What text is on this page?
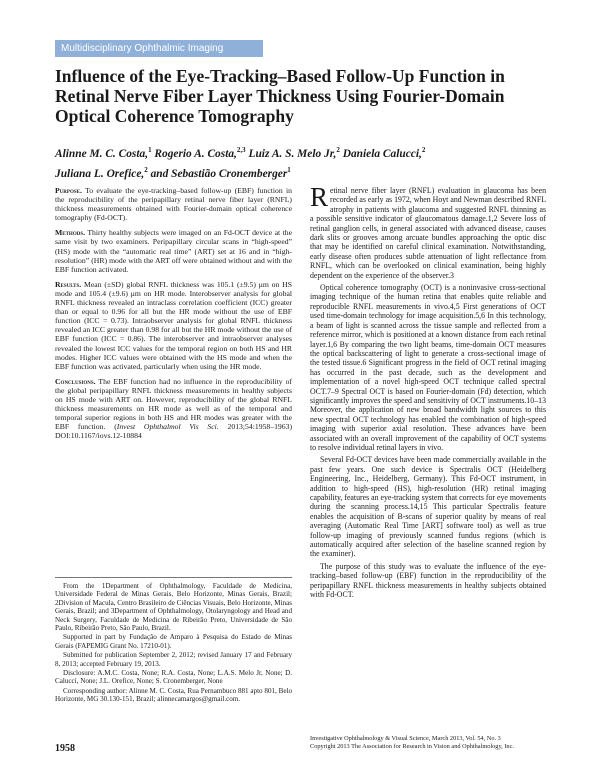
Multidisciplinary Ophthalmic Imaging
Influence of the Eye-Tracking–Based Follow-Up Function in Retinal Nerve Fiber Layer Thickness Using Fourier-Domain Optical Coherence Tomography
Alinne M. C. Costa,$^1$ Rogerio A. Costa,$^{2,3}$ Luiz A. S. Melo Jr,$^2$ Daniela Calucci,$^2$
Juliana L. Orefice,$^2$ and Sebastião Cronemberger$^1$

Purpose. To evaluate the eye-tracking–based follow-up (EBF) function in the reproducibility of the peripapillary retinal nerve fiber layer (RNFL) thickness measurements obtained with Fourier-domain optical coherence tomography (Fd-OCT).

Methods. Thirty healthy subjects were imaged on an Fd-OCT device at the same visit by two examiners. Peripapillary circular scans in “high-speed” (HS) mode with the “automatic real time” (ART) set at 16 and in “high-resolution” (HR) mode with the ART off were obtained without and with the EBF function activated.

Results. Mean (±SD) global RNFL thickness was 105.1 (±9.5) μm on HS mode and 105.4 (±9.6) μm on HR mode. Interobserver analysis for global RNFL thickness revealed an intraclass correlation coefficient (ICC) greater than or equal to 0.96 for all but the HR mode without the use of EBF function (ICC = 0.73). Intraobserver analysis for global RNFL thickness revealed an ICC greater than 0.98 for all but the HR mode without the use of EBF function (ICC = 0.86). The interobserver and intraobserver analyses revealed the lowest ICC values for the temporal region on both HS and HR modes. Higher ICC values were obtained with the HS mode and when the EBF function was activated, particularly when using the HR mode.

Conclusions. The EBF function had no influence in the reproducibility of the global peripapillary RNFL thickness measurements in healthy subjects on HS mode with ART on. However, reproducibility of the global RNFL thickness measurements on HR mode as well as of the temporal and temporal superior regions in both HS and HR modes was greater with the EBF function. (Invest Ophthalmol Vis Sci. 2013;54:1958–1963) DOI:10.1167/iovs.12-10884

From the 1Department of Ophthalmology, Faculdade de Medicina, Universidade Federal de Minas Gerais, Belo Horizonte, Minas Gerais, Brazil; 2Division of Macula, Centro Brasileiro de Ciências Visuais, Belo Horizonte, Minas Gerais, Brazil; and 3Department of Ophthalmology, Otolaryngology and Head and Neck Surgery, Faculdade de Medicina de Ribeirão Preto, Universidade de São Paulo, Ribeirão Preto, São Paulo, Brazil.

Supported in part by Fundação de Amparo à Pesquisa do Estado de Minas Gerais (FAPEMIG Grant No. 17210-01).

Submitted for publication September 2, 2012; revised January 17 and February 8, 2013; accepted February 19, 2013.

Disclosure: A.M.C. Costa, None; R.A. Costa, None; L.A.S. Melo Jr, None; D. Calucci, None; J.L. Orefice, None; S. Cronemberger, None

Corresponding author: Alinne M. C. Costa, Rua Pernambuco 881 apto 801, Belo Horizonte, MG 30.130-151, Brazil; alinnecamargos@gmail.com.

Retinal nerve fiber layer (RNFL) evaluation in glaucoma has been recorded as early as 1972, when Hoyt and Newman described RNFL atrophy in patients with glaucoma and suggested RNFL thinning as a possible sensitive indicator of glaucomatous damage.1,2 Severe loss of retinal ganglion cells, in general associated with advanced disease, causes dark slits or grooves among arcuate bundles approaching the optic disc that may be identified on careful clinical examination. Notwithstanding, early disease often produces subtle attenuation of light reflectance from RNFL, which can be overlooked on clinical examination, being highly dependent on the experience of the observer.3

Optical coherence tomography (OCT) is a noninvasive cross-sectional imaging technique of the human retina that enables quite reliable and reproducible RNFL measurements in vivo.4,5 First generations of OCT used time-domain technology for image acquisition.5,6 In this technology, a beam of light is scanned across the tissue sample and reflected from a reference mirror, which is positioned at a known distance from each retinal layer.1,6 By comparing the two light beams, time-domain OCT measures the optical backscattering of light to generate a cross-sectional image of the tested tissue.6 Significant progress in the field of OCT retinal imaging has occurred in the past decade, such as the development and implementation of a novel high-speed OCT technique called spectral OCT.7–9 Spectral OCT is based on Fourier-domain (Fd) detection, which significantly improves the speed and sensitivity of OCT instruments.10–13 Moreover, the application of new broad bandwidth light sources to this new spectral OCT technology has enabled the combination of high-speed imaging with superior axial resolution. These advances have been associated with an overall improvement of the capability of OCT systems to resolve individual retinal layers in vivo.

Several Fd-OCT devices have been made commercially available in the past few years. One such device is Spectralis OCT (Heidelberg Engineering, Inc., Heidelberg, Germany). This Fd-OCT instrument, in addition to high-speed (HS), high-resolution (HR) retinal imaging capability, features an eye-tracking system that corrects for eye movements during the scanning process.14,15 This particular Spectralis feature enables the acquisition of B-scans of superior quality by means of real averaging (Automatic Real Time [ART] software tool) as well as true follow-up imaging of previously scanned fundus regions (which is automatically acquired after selection of the baseline scanned region by the examiner).

The purpose of this study was to evaluate the influence of the eye-tracking–based follow-up (EBF) function in the reproducibility of the peripapillary RNFL thickness measurements in healthy subjects obtained with Fd-OCT.

1958
Investigative Ophthalmology & Visual Science, March 2013, Vol. 54, No. 3
Copyright 2013 The Association for Research in Vision and Ophthalmology, Inc.
